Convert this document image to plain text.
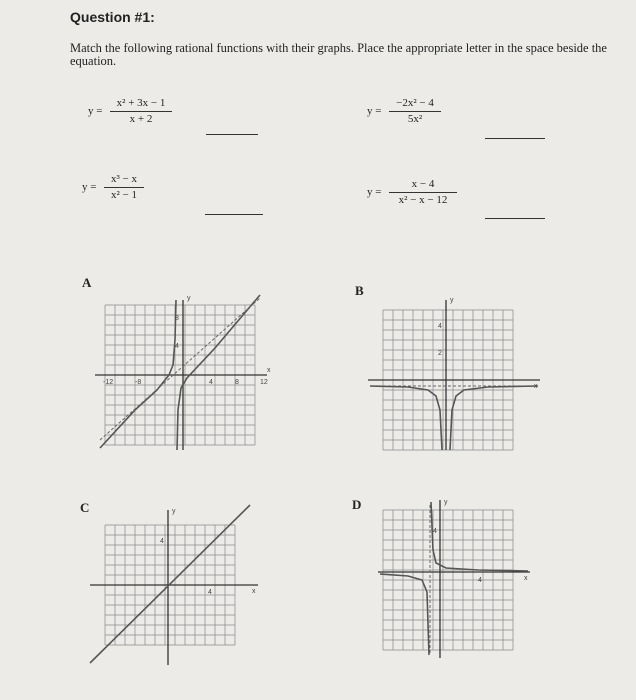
Question #1:
Match the following rational functions with their graphs. Place the appropriate letter in the space beside the equation.
y =
x² + 3x − 1
x + 2
y =
−2x² − 4
5x²
y =
x³ − x
x² − 1	y =
x − 4
x² − x − 12
A
B
C	D
-12	-8	4	8	12
8
4
x
y
4
2
x
y
4
4	x
y
4
4	x
y
